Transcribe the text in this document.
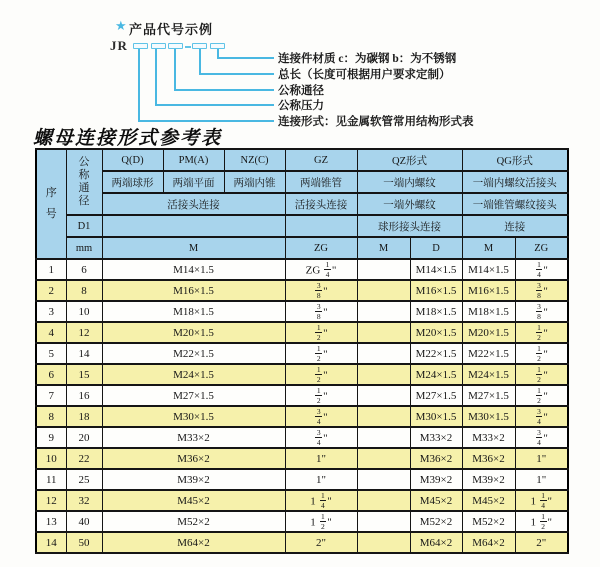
★ 产品代号示例
JR
连接件材质 c：为碳钢 b：为不锈钢
总长（长度可根据用户要求定制）
公称通径
公称压力
连接形式：见金属软管常用结构形式表
螺母连接形式参考表
序
号

公
称
通
径
	Q(D)	PM(A)	NZ(C)	GZ	QZ形式	QG形式
		两端球形	两端平面	两端内锥	两端锥管	一端内螺纹		一端内螺纹活接头	
		活接头连接			活接头连接	一端外螺纹		一端锥管螺纹接头	
	D1					球形接头连接		连接	
	mm	M			ZG	M	D	M	ZG
1	6	M14×1.5			ZG $\frac{1}{4}$ "		M14×1.5	M14×1.5	$\frac{1}{4}$ "
2	8	M16×1.5			$\frac{3}{8}$ "		M16×1.5	M16×1.5	$\frac{3}{8}$ "
3	10	M18×1.5			$\frac{3}{8}$ "		M18×1.5	M18×1.5	$\frac{3}{8}$ "
4	12	M20×1.5			$\frac{1}{2}$ "		M20×1.5	M20×1.5	$\frac{1}{2}$ "
5	14	M22×1.5			$\frac{1}{2}$ "		M22×1.5	M22×1.5	$\frac{1}{2}$ "
6	15	M24×1.5			$\frac{1}{2}$ "		M24×1.5	M24×1.5	$\frac{1}{2}$ "
7	16	M27×1.5			$\frac{1}{2}$ "		M27×1.5	M27×1.5	$\frac{1}{2}$ "
8	18	M30×1.5			$\frac{3}{4}$ "		M30×1.5	M30×1.5	$\frac{3}{4}$ "
9	20	M33×2			$\frac{3}{4}$ "		M33×2	M33×2	$\frac{3}{4}$ "
10	22	M36×2			1"		M36×2	M36×2	1"
11	25	M39×2			1"		M39×2	M39×2	1"
12	32	M45×2			$1 \frac{1}{4}$ "		M45×2	M45×2	$1 \frac{1}{4}$ "
13	40	M52×2			$1 \frac{1}{2}$ "		M52×2	M52×2	$1 \frac{1}{2}$ "
14	50	M64×2			2"		M64×2	M64×2	2"
